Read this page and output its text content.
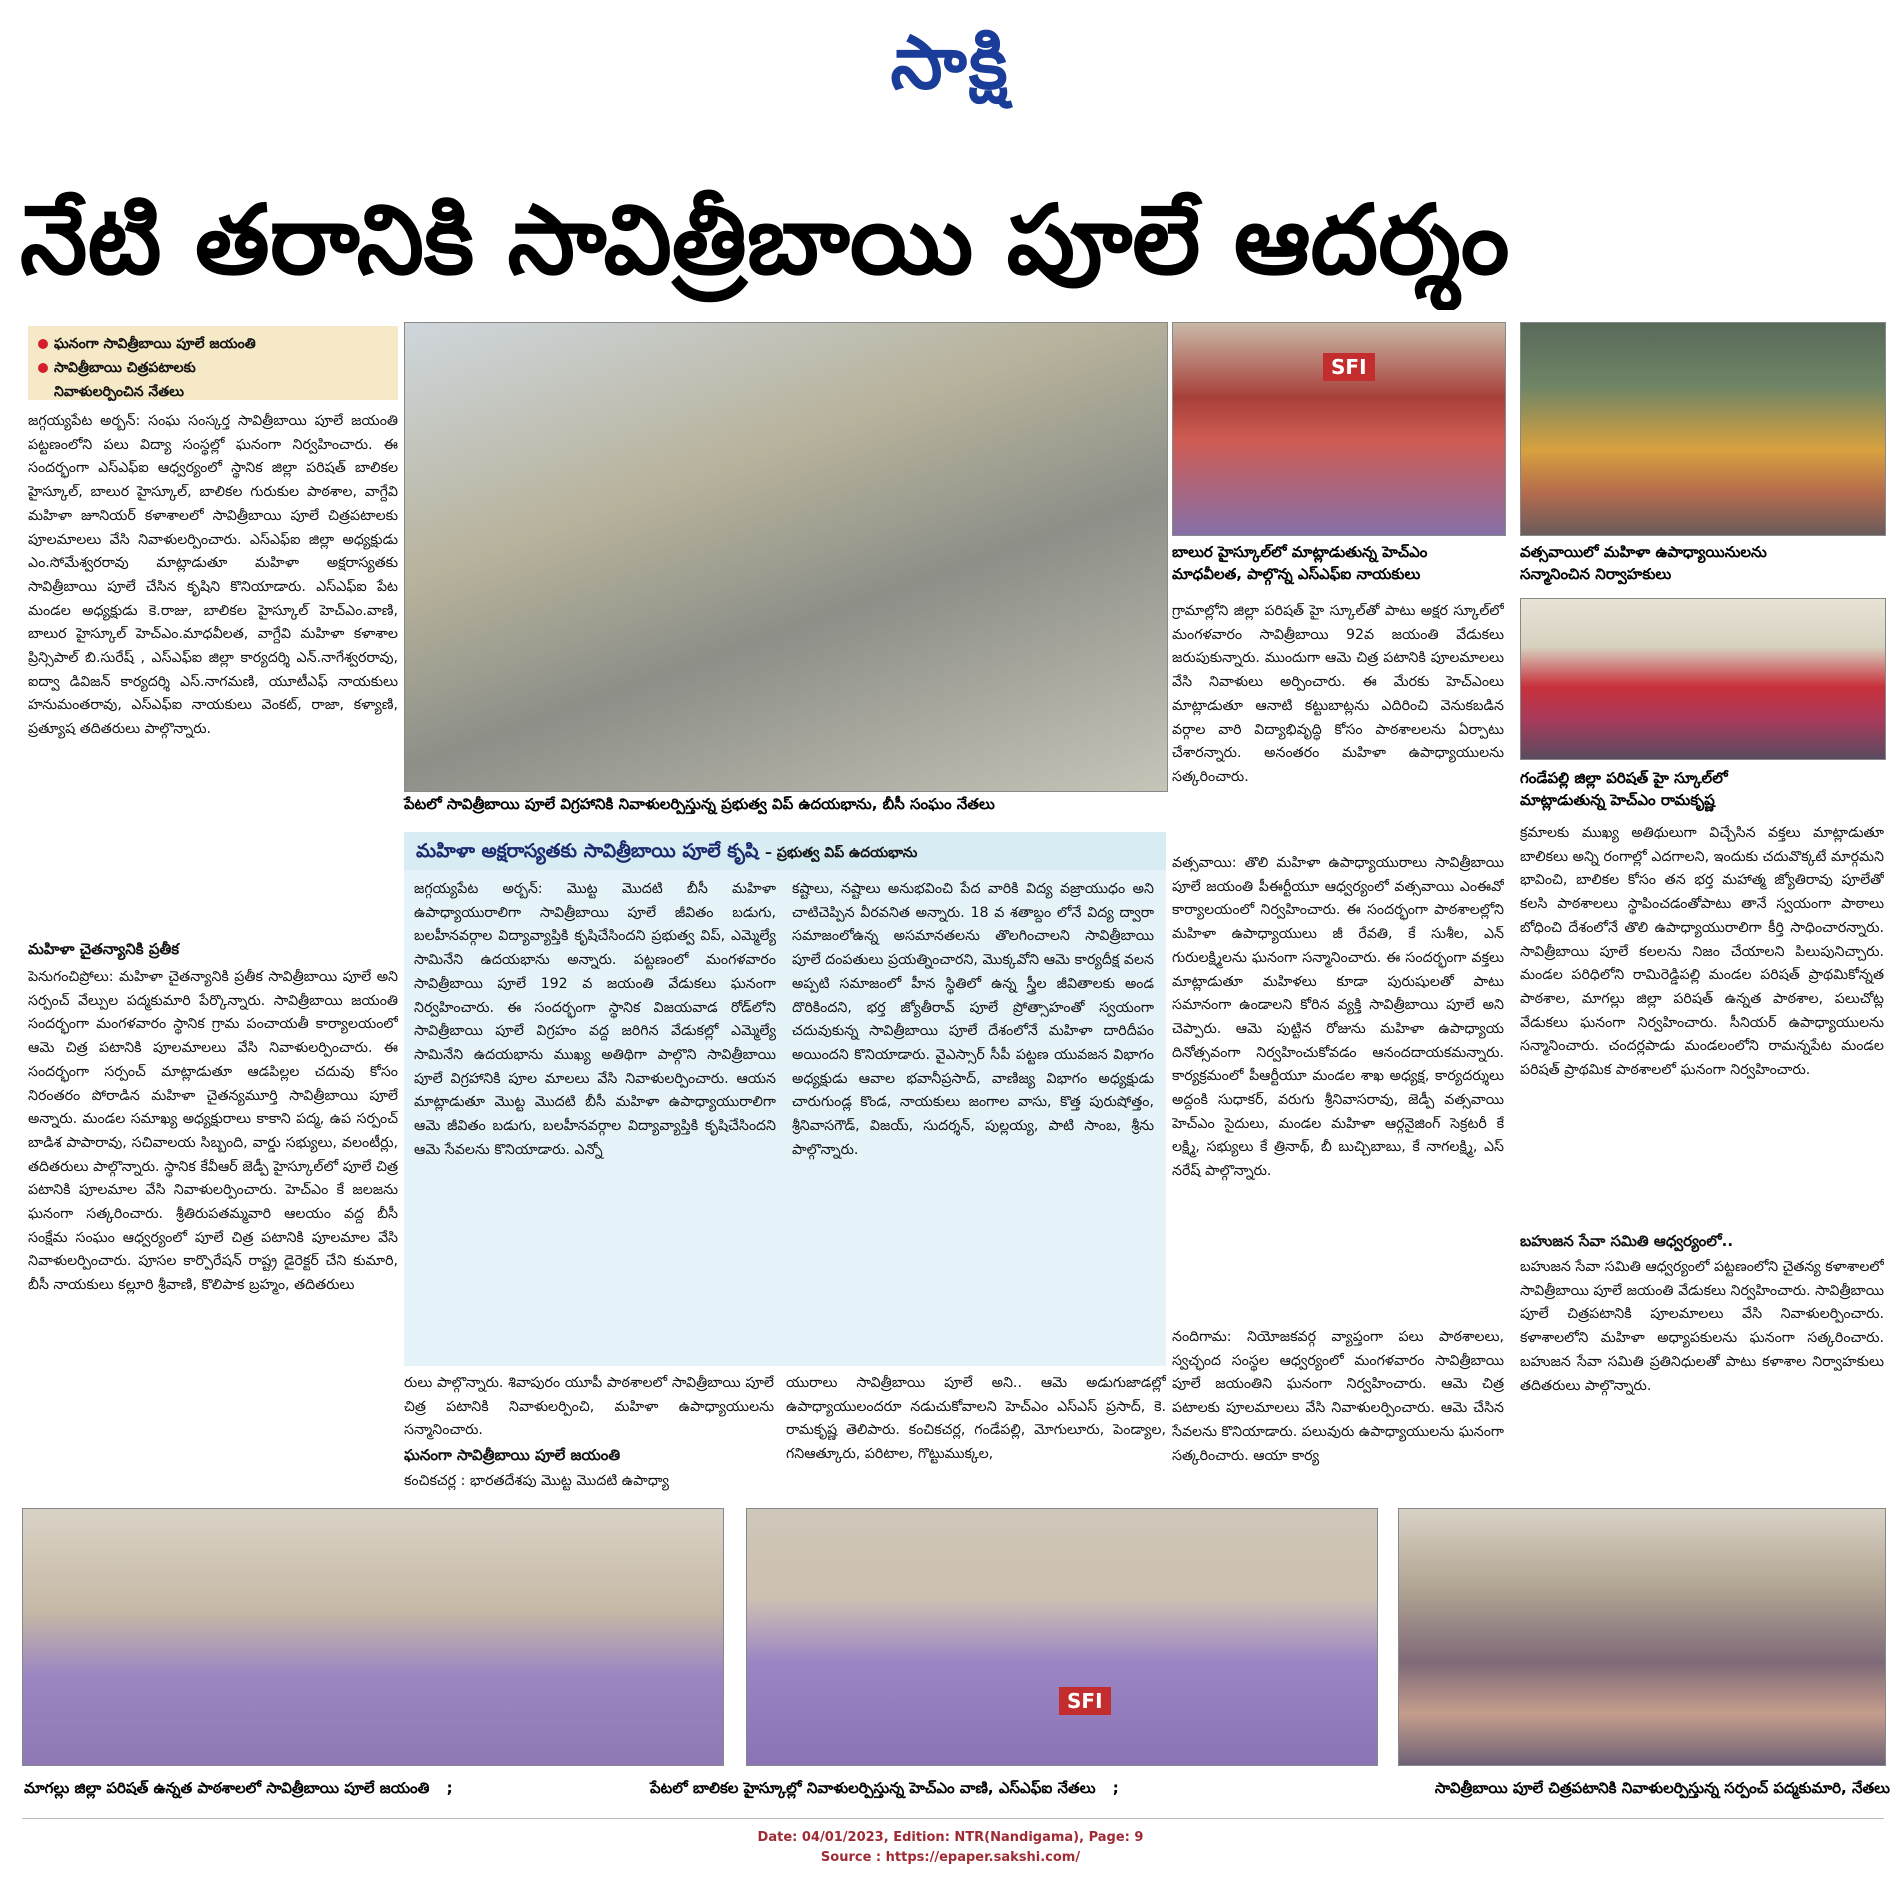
సాక్షి
నేటి తరానికి సావిత్రీబాయి పూలే ఆదర్శం
ఘనంగా సావిత్రీబాయి పూలే జయంతి
సావిత్రీబాయి చిత్రపటాలకు
నివాళులర్పించిన నేతలు

జగ్గయ్యపేట అర్బన్: సంఘ సంస్కర్త సావిత్రీబాయి పూలే జయంతి పట్టణంలోని పలు విద్యా సంస్థల్లో ఘనంగా నిర్వహించారు. ఈ సందర్భంగా ఎస్‌ఎఫ్‌ఐ ఆధ్వర్యంలో స్థానిక జిల్లా పరిషత్ బాలికల హైస్కూల్, బాలుర హైస్కూల్, బాలికల గురుకుల పాఠశాల, వాగ్దేవి మహిళా జూనియర్ కళాశాలలో సావిత్రీబాయి పూలే చిత్రపటాలకు పూలమాలలు వేసి నివాళులర్పించారు. ఎస్‌ఎఫ్‌ఐ జిల్లా అధ్యక్షుడు ఎం.సోమేశ్వరరావు మాట్లాడుతూ మహిళా అక్షరాస్యతకు సావిత్రీబాయి పూలే చేసిన కృషిని కొనియాడారు. ఎస్‌ఎఫ్‌ఐ పేట మండల అధ్యక్షుడు కె.రాజు, బాలికల హైస్కూల్ హెచ్‌ఎం.వాణి, బాలుర హైస్కూల్ హెచ్‌ఎం.మాధవీలత, వాగ్దేవి మహిళా కళాశాల ప్రిన్సిపాల్ బి.సురేష్ , ఎస్‌ఎఫ్‌ఐ జిల్లా కార్యదర్శి ఎన్.నాగేశ్వరరావు, ఐద్వా డివిజన్ కార్యదర్శి ఎస్.నాగమణి, యూటీఎఫ్ నాయకులు హనుమంతరావు, ఎస్‌ఎఫ్‌ఐ నాయకులు వెంకట్, రాజా, కళ్యాణి, ప్రత్యూష తదితరులు పాల్గొన్నారు.

మహిళా చైతన్యానికి ప్రతీక

పెనుగంచిప్రోలు: మహిళా చైతన్యానికి ప్రతీక సావిత్రీబాయి పూలే అని సర్పంచ్ వేల్పుల పద్మకుమారి పేర్కొన్నారు. సావిత్రీబాయి జయంతి సందర్భంగా మంగళవారం స్థానిక గ్రామ పంచాయతీ కార్యాలయంలో ఆమె చిత్ర పటానికి పూలమాలలు వేసి నివాళులర్పించారు. ఈ సందర్భంగా సర్పంచ్ మాట్లాడుతూ ఆడపిల్లల చదువు కోసం నిరంతరం పోరాడిన మహిళా చైతన్యమూర్తి సావిత్రీబాయి పూలే అన్నారు. మండల సమాఖ్య అధ్యక్షురాలు కాకాని పద్మ, ఉప సర్పంచ్ బాడిశ పాపారావు, సచివాలయ సిబ్బంది, వార్డు సభ్యులు, వలంటీర్లు, తదితరులు పాల్గొన్నారు. స్థానిక కేవీఆర్ జెడ్పీ హైస్కూల్‌లో పూలే చిత్ర పటానికి పూలమాల వేసి నివాళులర్పించారు. హెచ్‌ఎం కే జలజను ఘనంగా సత్కరించారు. శ్రీతిరుపతమ్మవారి ఆలయం వద్ద బీసీ సంక్షేమ సంఘం ఆధ్వర్యంలో పూలే చిత్ర పటానికి పూలమాల వేసి నివాళులర్పించారు. పూసల కార్పొరేషన్ రాష్ట్ర డైరెక్టర్ చేని కుమారి, బీసీ నాయకులు కల్లూరి శ్రీవాణి, కొలిపాక బ్రహ్మం, తదితరులు

పేటలో సావిత్రీబాయి పూలే విగ్రహానికి నివాళులర్పిస్తున్న ప్రభుత్వ విప్ ఉదయభాను, బీసీ సంఘం నేతలు
మహిళా అక్షరాస్యతకు సావిత్రీబాయి పూలే కృషి – ప్రభుత్వ విప్ ఉదయభాను

జగ్గయ్యపేట అర్బన్: మొట్ట మొదటి బీసీ మహిళా ఉపాధ్యాయురాలిగా సావిత్రీబాయి పూలే జీవితం బడుగు, బలహీనవర్గాల విద్యావ్యాప్తికి కృషిచేసిందని ప్రభుత్వ విప్, ఎమ్మెల్యే సామినేని ఉదయభాను అన్నారు. పట్టణంలో మంగళవారం సావిత్రీబాయి పూలే 192 వ జయంతి వేడుకలు ఘనంగా నిర్వహించారు. ఈ సందర్భంగా స్థానిక విజయవాడ రోడ్‌లోని సావిత్రీబాయి పూలే విగ్రహం వద్ద జరిగిన వేడుకల్లో ఎమ్మెల్యే సామినేని ఉదయభాను ముఖ్య అతిథిగా పాల్గొని సావిత్రీబాయి పూలే విగ్రహానికి పూల మాలలు వేసి నివాళులర్పించారు. ఆయన మాట్లాడుతూ మొట్ట మొదటి బీసీ మహిళా ఉపాధ్యాయురాలిగా ఆమె జీవితం బడుగు, బలహీనవర్గాల విద్యావ్యాప్తికి కృషిచేసిందని ఆమె సేవలను కొనియాడారు. ఎన్నో

కష్టాలు, నష్టాలు అనుభవించి పేద వారికి విద్య వజ్రాయుధం అని చాటిచెప్పిన వీరవనిత అన్నారు. 18 వ శతాబ్దం లోనే విద్య ద్వారా సమాజంలోఉన్న అసమానతలను తొలగించాలని సావిత్రీబాయి పూలే దంపతులు ప్రయత్నించారని, మొక్కవోని ఆమె కార్యదీక్ష వలన అప్పటి సమాజంలో హీన స్థితిలో ఉన్న స్త్రీల జీవితాలకు అండ దొరికిందని, భర్త జ్యోతీరావ్ పూలే ప్రోత్సాహంతో స్వయంగా చదువుకున్న సావిత్రీబాయి పూలే దేశంలోనే మహిళా దారిదీపం అయిందని కొనియాడారు. వైఎస్సార్ సీపీ పట్టణ యువజన విభాగం అధ్యక్షుడు ఆవాల భవానీప్రసాద్, వాణిజ్య విభాగం అధ్యక్షుడు చారుగుండ్ల కొండ, నాయకులు జంగాల వాసు, కొత్త పురుషోత్తం, శ్రీనివాసగౌడ్, విజయ్, సుదర్శన్, పుల్లయ్య, పాటి సాంబ, శ్రీను పాల్గొన్నారు.

రులు పాల్గొన్నారు. శివాపురం యూపీ పాఠశాలలో సావిత్రీబాయి పూలే చిత్ర పటానికి నివాళులర్పించి, మహిళా ఉపాధ్యాయులను సన్మానించారు.

ఘనంగా సావిత్రీబాయి పూలే జయంతి

కంచికచర్ల : భారతదేశపు మొట్ట మొదటి ఉపాధ్యా

యురాలు సావిత్రీబాయి పూలే అని.. ఆమె అడుగుజాడల్లో ఉపాధ్యాయులందరూ నడుచుకోవాలని హెచ్‌ఎం ఎస్‌ఎస్ ప్రసాద్, కె. రామకృష్ణ తెలిపారు. కంచికచర్ల, గండేపల్లి, మోగులూరు, పెండ్యాల, గనిఆత్కూరు, పరిటాల, గొట్టుముక్కల,

SFI
బాలుర హైస్కూల్‌లో మాట్లాడుతున్న హెచ్‌ఎం
మాధవీలత, పాల్గొన్న ఎస్‌ఎఫ్‌ఐ నాయకులు
వత్సవాయిలో మహిళా ఉపాధ్యాయినులను
సన్మానించిన నిర్వాహకులు

గ్రామాల్లోని జిల్లా పరిషత్ హై స్కూల్‌తో పాటు అక్షర స్కూల్‌లో మంగళవారం సావిత్రీబాయి 92వ జయంతి వేడుకలు జరుపుకున్నారు. ముందుగా ఆమె చిత్ర పటానికి పూలమాలలు వేసి నివాళులు అర్పించారు. ఈ మేరకు హెచ్‌ఎంలు మాట్లాడుతూ ఆనాటి కట్టుబాట్లను ఎదిరించి వెనుకబడిన వర్గాల వారి విద్యాభివృద్ధి కోసం పాఠశాలలను ఏర్పాటు చేశారన్నారు. అనంతరం మహిళా ఉపాధ్యాయులను సత్కరించారు.

వత్సవాయి: తొలి మహిళా ఉపాధ్యాయురాలు సావిత్రీబాయి పూలే జయంతి పీఈర్టీయూ ఆధ్వర్యంలో వత్సవాయి ఎంఈవో కార్యాలయంలో నిర్వహించారు. ఈ సందర్భంగా పాఠశాలల్లోని మహిళా ఉపాధ్యాయులు జీ రేవతి, కే సుశీల, ఎన్ గురులక్ష్మిలను ఘనంగా సన్మానించారు. ఈ సందర్భంగా వక్తలు మాట్లాడుతూ మహిళలు కూడా పురుషులతో పాటు సమానంగా ఉండాలని కోరిన వ్యక్తి సావిత్రీబాయి పూలే అని చెప్పారు. ఆమె పుట్టిన రోజును మహిళా ఉపాధ్యాయ దినోత్సవంగా నిర్వహించుకోవడం ఆనందదాయకమన్నారు. కార్యక్రమంలో పీఆర్టీయూ మండల శాఖ అధ్యక్ష, కార్యదర్శులు అద్దంకి సుధాకర్, వరుగు శ్రీనివాసరావు, జెడ్పీ వత్సవాయి హెచ్‌ఎం సైదులు, మండల మహిళా ఆర్గనైజింగ్ సెక్రటరీ కే లక్ష్మి, సభ్యులు కే త్రినాథ్, బీ బుచ్చిబాబు, కే నాగలక్ష్మి, ఎస్ నరేష్ పాల్గొన్నారు.

నందిగామ: నియోజకవర్గ వ్యాప్తంగా పలు పాఠశాలలు, స్వచ్ఛంద సంస్థల ఆధ్వర్యంలో మంగళవారం సావిత్రీబాయి పూలే జయంతిని ఘనంగా నిర్వహించారు. ఆమె చిత్ర పటాలకు పూలమాలలు వేసి నివాళులర్పించారు. ఆమె చేసిన సేవలను కొనియాడారు. పలువురు ఉపాధ్యాయులను ఘనంగా సత్కరించారు. ఆయా కార్య

గండేపల్లి జిల్లా పరిషత్ హై స్కూల్‌లో
మాట్లాడుతున్న హెచ్‌ఎం రామకృష్ణ

క్రమాలకు ముఖ్య అతిథులుగా విచ్చేసిన వక్తలు మాట్లాడుతూ బాలికలు అన్ని రంగాల్లో ఎదగాలని, ఇందుకు చదువొక్కటే మార్గమని భావించి, బాలికల కోసం తన భర్త మహాత్మ జ్యోతిరావు పూలేతో కలసి పాఠశాలలు స్థాపించడంతోపాటు తానే స్వయంగా పాఠాలు బోధించి దేశంలోనే తొలి ఉపాధ్యాయురాలిగా కీర్తి సాధించారన్నారు. సావిత్రీబాయి పూలే కలలను నిజం చేయాలని పిలుపునిచ్చారు. మండల పరిధిలోని రామిరెడ్డిపల్లి మండల పరిషత్ ప్రాథమికోన్నత పాఠశాల, మాగల్లు జిల్లా పరిషత్ ఉన్నత పాఠశాల, పలుచోట్ల వేడుకలు ఘనంగా నిర్వహించారు. సీనియర్ ఉపాధ్యాయులను సన్మానించారు. చందర్లపాడు మండలంలోని రామన్నపేట మండల పరిషత్ ప్రాథమిక పాఠశాలలో ఘనంగా నిర్వహించారు.

బహుజన సేవా సమితి ఆధ్వర్యంలో..

బహుజన సేవా సమితి ఆధ్వర్యంలో పట్టణంలోని చైతన్య కళాశాలలో సావిత్రీబాయి పూలే జయంతి వేడుకలు నిర్వహించారు. సావిత్రీబాయి పూలే చిత్రపటానికి పూలమాలలు వేసి నివాళులర్పించారు. కళాశాలలోని మహిళా అధ్యాపకులను ఘనంగా సత్కరించారు. బహుజన సేవా సమితి ప్రతినిధులతో పాటు కళాశాల నిర్వాహకులు తదితరులు పాల్గొన్నారు.

SFI
మాగల్లు జిల్లా పరిషత్ ఉన్నత పాఠశాలలో సావిత్రీబాయి పూలే జయంతి ;	పేటలో బాలికల హైస్కూల్లో నివాళులర్పిస్తున్న హెచ్‌ఎం వాణి, ఎస్‌ఎఫ్‌ఐ నేతలు ;	సావిత్రీబాయి పూలే చిత్రపటానికి నివాళులర్పిస్తున్న సర్పంచ్ పద్మకుమారి, నేతలు
Date: 04/01/2023, Edition: NTR(Nandigama), Page: 9
Source : https://epaper.sakshi.com/
